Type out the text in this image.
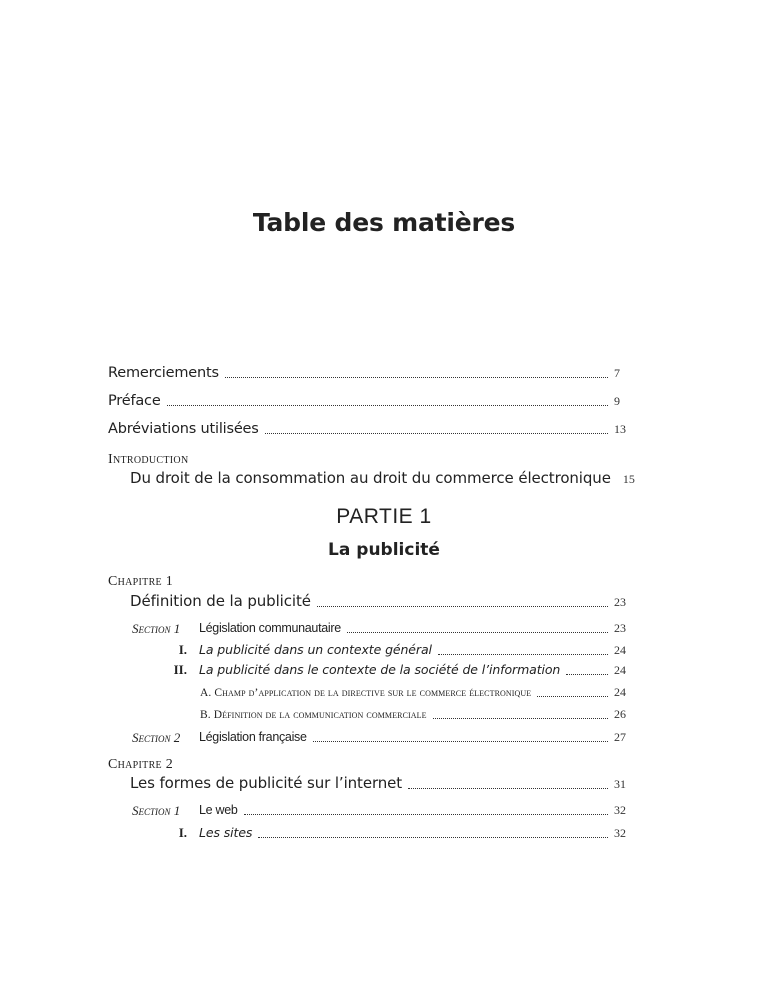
Table des matières
Remerciements	7
Préface	9
Abréviations utilisées	13
Introduction
Du droit de la consommation au droit du commerce électronique 15
PARTIE 1
La publicité
Chapitre 1
Définition de la publicité	23
Section 1 Législation communautaire	23
I. La publicité dans un contexte général	24
II. La publicité dans le contexte de la société de l’information	24
A. Champ d’application de la directive sur le commerce électronique	24
B. Définition de la communication commerciale	26
Section 2 Législation française	27
Chapitre 2
Les formes de publicité sur l’internet	31
Section 1 Le web	32
I. Les sites	32
